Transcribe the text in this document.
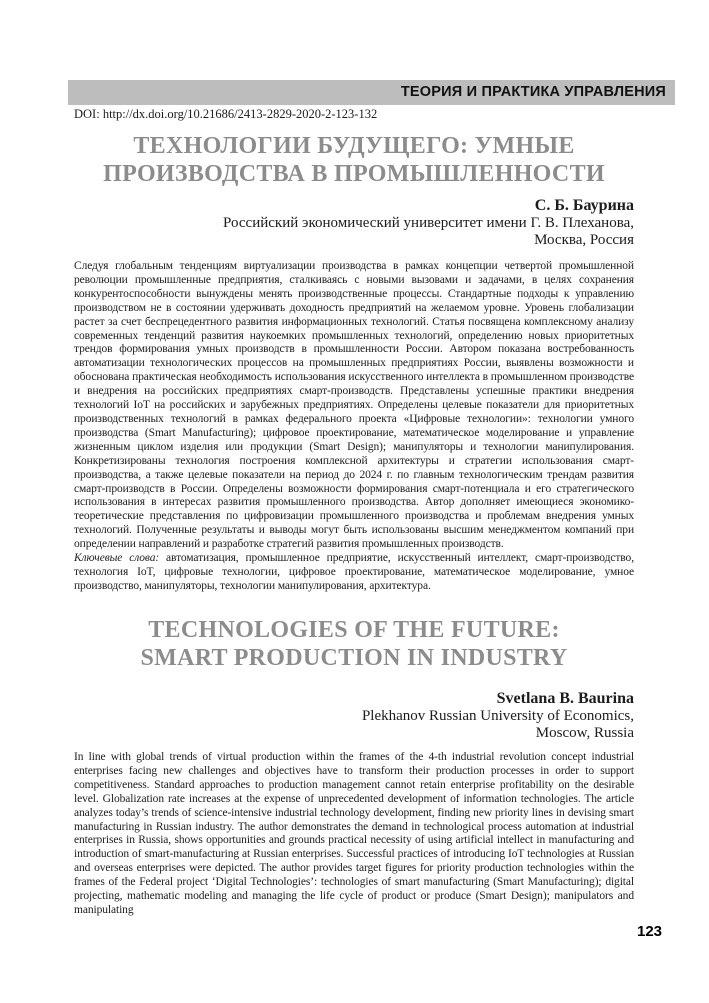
ТЕОРИЯ И ПРАКТИКА УПРАВЛЕНИЯ
DOI: http://dx.doi.org/10.21686/2413-2829-2020-2-123-132
ТЕХНОЛОГИИ БУДУЩЕГО: УМНЫЕ
ПРОИЗВОДСТВА В ПРОМЫШЛЕННОСТИ
С. Б. Баурина
Российский экономический университет имени Г. В. Плеханова,
Москва, Россия

Следуя глобальным тенденциям виртуализации производства в рамках концепции четвертой промышленной революции промышленные предприятия, сталкиваясь с новыми вызовами и задачами, в целях сохранения конкурентоспособности вынуждены менять производственные процессы. Стандартные подходы к управлению производством не в состоянии удерживать доходность предприятий на желаемом уровне. Уровень глобализации растет за счет беспрецедентного развития информационных технологий. Статья посвящена комплексному анализу современных тенденций развития наукоемких промышленных технологий, определению новых приоритетных трендов формирования умных производств в промышленности России. Автором показана востребованность автоматизации технологических процессов на промышленных предприятиях России, выявлены возможности и обоснована практическая необходимость использования искусственного интеллекта в промышленном производстве и внедрения на российских предприятиях смарт-производств. Представлены успешные практики внедрения технологий IoT на российских и зарубежных предприятиях. Определены целевые показатели для приоритетных производственных технологий в рамках федерального проекта «Цифровые технологии»: технологии умного производства (Smart Manufacturing); цифровое проектирование, математическое моделирование и управление жизненным циклом изделия или продукции (Smart Design); манипуляторы и технологии манипулирования. Конкретизированы технология построения комплексной архитектуры и стратегии использования смарт-производства, а также целевые показатели на период до 2024 г. по главным технологическим трендам развития смарт-производств в России. Определены возможности формирования смарт-потенциала и его стратегического использования в интересах развития промышленного производства. Автор дополняет имеющиеся экономико-теоретические представления по цифровизации промышленного производства и проблемам внедрения умных технологий. Полученные результаты и выводы могут быть использованы высшим менеджментом компаний при определении направлений и разработке стратегий развития промышленных производств.

Ключевые слова: автоматизация, промышленное предприятие, искусственный интеллект, смарт-производство, технология IoT, цифровые технологии, цифровое проектирование, математическое моделирование, умное производство, манипуляторы, технологии манипулирования, архитектура.

TECHNOLOGIES OF THE FUTURE:
SMART PRODUCTION IN INDUSTRY
Svetlana B. Baurina
Plekhanov Russian University of Economics,
Moscow, Russia

In line with global trends of virtual production within the frames of the 4-th industrial revolution concept industrial enterprises facing new challenges and objectives have to transform their production processes in order to support competitiveness. Standard approaches to production management cannot retain enterprise profitability on the desirable level. Globalization rate increases at the expense of unprecedented development of information technologies. The article analyzes today’s trends of science-intensive industrial technology development, finding new priority lines in devising smart manufacturing in Russian industry. The author demonstrates the demand in technological process automation at industrial enterprises in Russia, shows opportunities and grounds practical necessity of using artificial intellect in manufacturing and introduction of smart-manufacturing at Russian enterprises. Successful practices of introducing IoT technologies at Russian and overseas enterprises were depicted. The author provides target figures for priority production technologies within the frames of the Federal project ‘Digital Technologies’: technologies of smart manufacturing (Smart Manufacturing); digital projecting, mathematic modeling and managing the life cycle of product or produce (Smart Design); manipulators and manipulating

123
